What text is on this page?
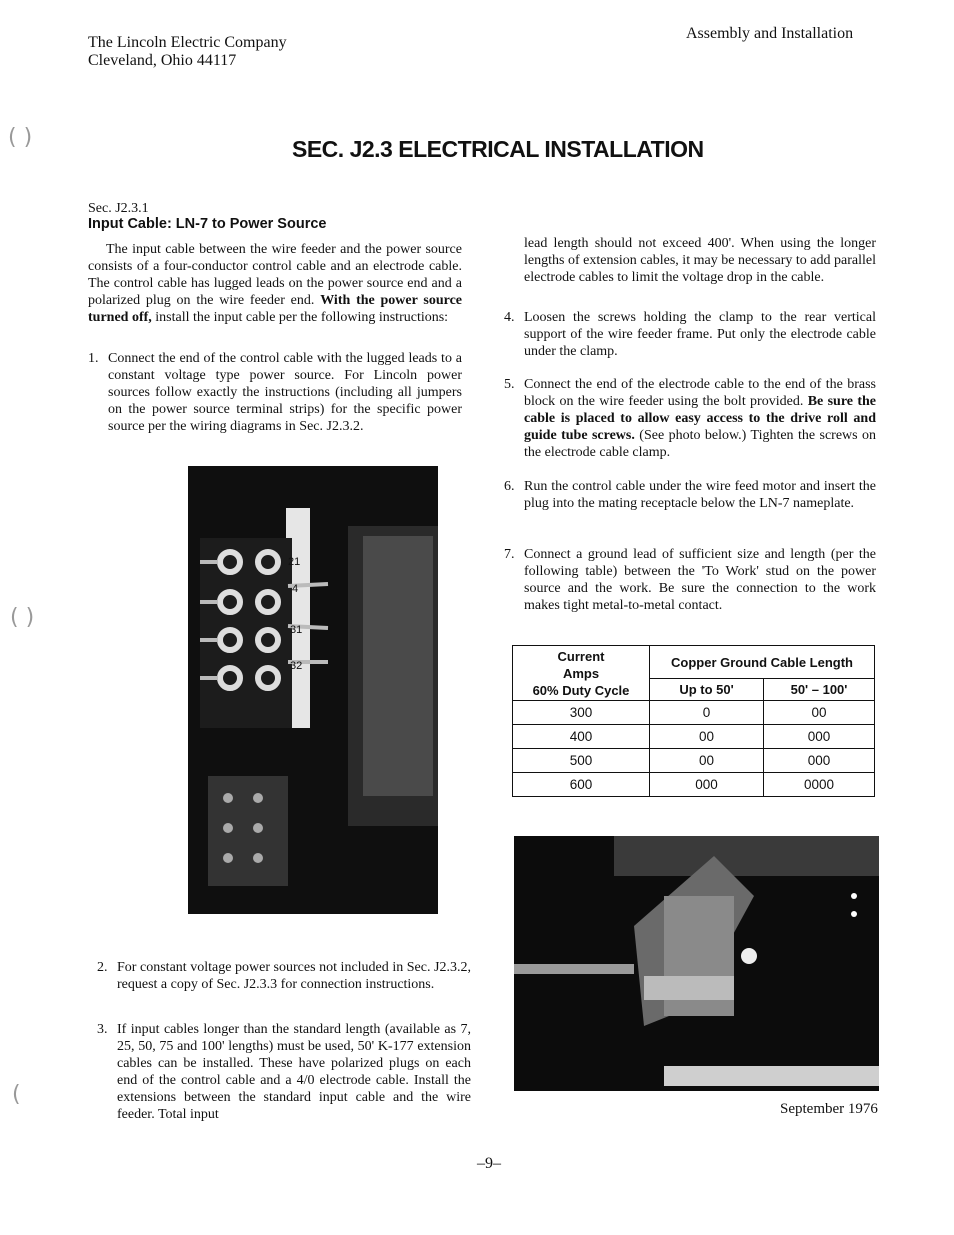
The Lincoln Electric Company
Cleveland, Ohio 44117
Assembly and Installation
( )
( )
(
SEC. J2.3 ELECTRICAL INSTALLATION
Sec. J2.3.1
Input Cable: LN-7 to Power Source
The input cable between the wire feeder and the power source consists of a four-conductor control cable and an electrode cable. The control cable has lugged leads on the power source end and a polarized plug on the wire feeder end. With the power source turned off, install the input cable per the following instructions:
1. Connect the end of the control cable with the lugged leads to a constant voltage type power source. For Lincoln power sources follow exactly the instructions (including all jumpers on the power source terminal strips) for the specific power source per the wiring diagrams in Sec. J2.3.2.
21
4
31
32
2. For constant voltage power sources not included in Sec. J2.3.2, request a copy of Sec. J2.3.3 for connection instructions.
3. If input cables longer than the standard length (available as 7, 25, 50, 75 and 100' lengths) must be used, 50' K-177 extension cables can be installed. These have polarized plugs on each end of the control cable and a 4/0 electrode cable. Install the extensions between the standard input cable and the wire feeder. Total input
lead length should not exceed 400'. When using the longer lengths of extension cables, it may be necessary to add parallel electrode cables to limit the voltage drop in the cable.
4. Loosen the screws holding the clamp to the rear vertical support of the wire feeder frame. Put only the electrode cable under the clamp.
5. Connect the end of the electrode cable to the end of the brass block on the wire feeder using the bolt provided. Be sure the cable is placed to allow easy access to the drive roll and guide tube screws. (See photo below.) Tighten the screws on the electrode cable clamp.
6. Run the control cable under the wire feed motor and insert the plug into the mating receptacle below the LN-7 nameplate.
7. Connect a ground lead of sufficient size and length (per the following table) between the 'To Work' stud on the power source and the work. Be sure the connection to the work makes tight metal-to-metal contact.
Current
Amps
60% Duty Cycle	Copper Ground Cable Length	
	Up to 50'	50' – 100'
300	0	00
400	00	000
500	00	000
600	000	0000
September 1976
–9–
